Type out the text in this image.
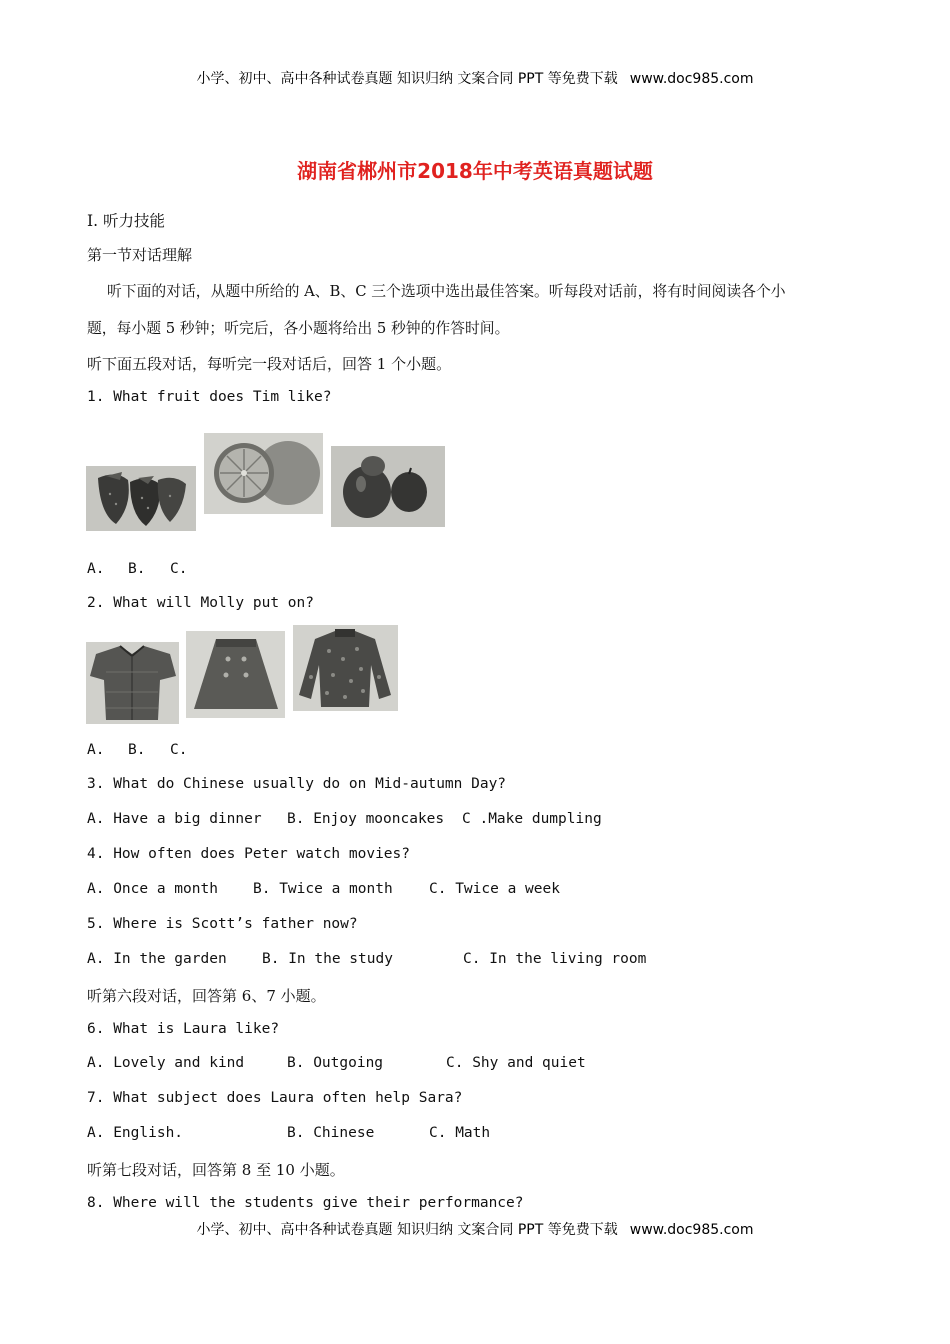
小学、初中、高中各种试卷真题 知识归纳 文案合同 PPT 等免费下载 www.doc985.com
湖南省郴州市2018年中考英语真题试题
I. 听力技能
第一节对话理解
听下面的对话，从题中所给的 A、B、C 三个选项中选出最佳答案。听每段对话前，将有时间阅读各个小
题，每小题 5 秒钟；听完后，各小题将给出 5 秒钟的作答时间。
听下面五段对话，每听完一段对话后，回答 1 个小题。
1. What fruit does Tim like?
A. B. C.
2. What will Molly put on?
A. B. C.
3. What do Chinese usually do on Mid-autumn Day?
A. Have a big dinner B. Enjoy mooncakes C .Make dumpling
4. How often does Peter watch movies?
A. Once a month B. Twice a month	C. Twice a week
5. Where is Scott’s father now?
A. In the garden B. In the study	C. In the living room
听第六段对话，回答第 6、7 小题。
6. What is Laura like?
A. Lovely and kind	B. Outgoing	C. Shy and quiet
7. What subject does Laura often help Sara?
A. English.	B. Chinese	C. Math
听第七段对话，回答第 8 至 10 小题。
8. Where will the students give their performance?
小学、初中、高中各种试卷真题 知识归纳 文案合同 PPT 等免费下载 www.doc985.com
